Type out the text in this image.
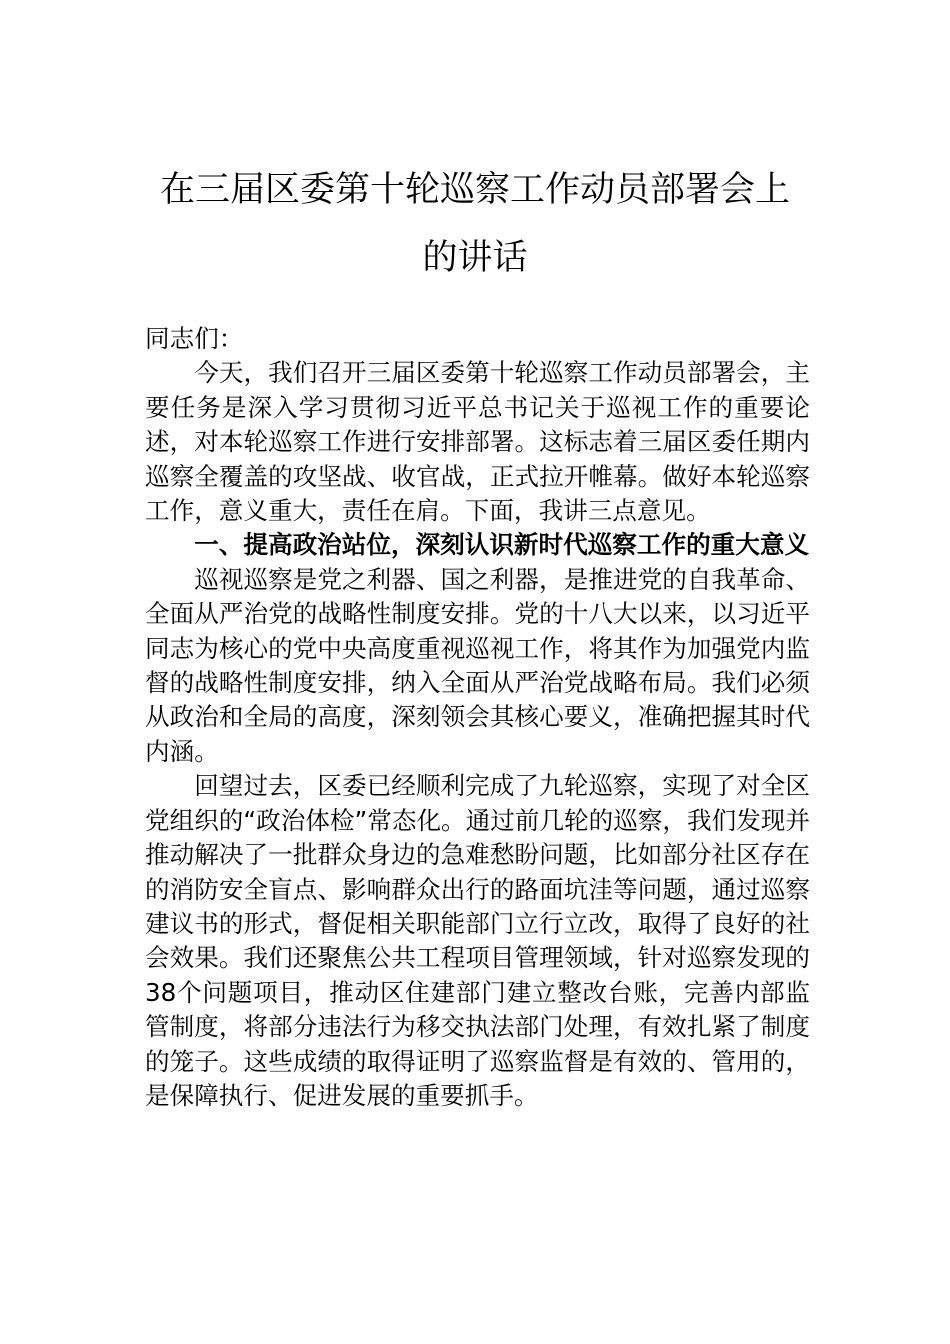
在三届区委第十轮巡察工作动员部署会上
的讲话

同志们：

今天，我们召开三届区委第十轮巡察工作动员部署会，主要任务是深入学习贯彻习近平总书记关于巡视工作的重要论述，对本轮巡察工作进行安排部署。这标志着三届区委任期内巡察全覆盖的攻坚战、收官战，正式拉开帷幕。做好本轮巡察工作，意义重大，责任在肩。下面，我讲三点意见。

一、提高政治站位，深刻认识新时代巡察工作的重大意义

巡视巡察是党之利器、国之利器，是推进党的自我革命、全面从严治党的战略性制度安排。党的十八大以来，以习近平同志为核心的党中央高度重视巡视工作，将其作为加强党内监督的战略性制度安排，纳入全面从严治党战略布局。我们必须从政治和全局的高度，深刻领会其核心要义，准确把握其时代内涵。

回望过去，区委已经顺利完成了九轮巡察，实现了对全区党组织的“政治体检”常态化。通过前几轮的巡察，我们发现并推动解决了一批群众身边的急难愁盼问题，比如部分社区存在的消防安全盲点、影响群众出行的路面坑洼等问题，通过巡察建议书的形式，督促相关职能部门立行立改，取得了良好的社会效果。我们还聚焦公共工程项目管理领域，针对巡察发现的38个问题项目，推动区住建部门建立整改台账，完善内部监管制度，将部分违法行为移交执法部门处理，有效扎紧了制度的笼子。这些成绩的取得证明了巡察监督是有效的、管用的，是保障执行、促进发展的重要抓手。
